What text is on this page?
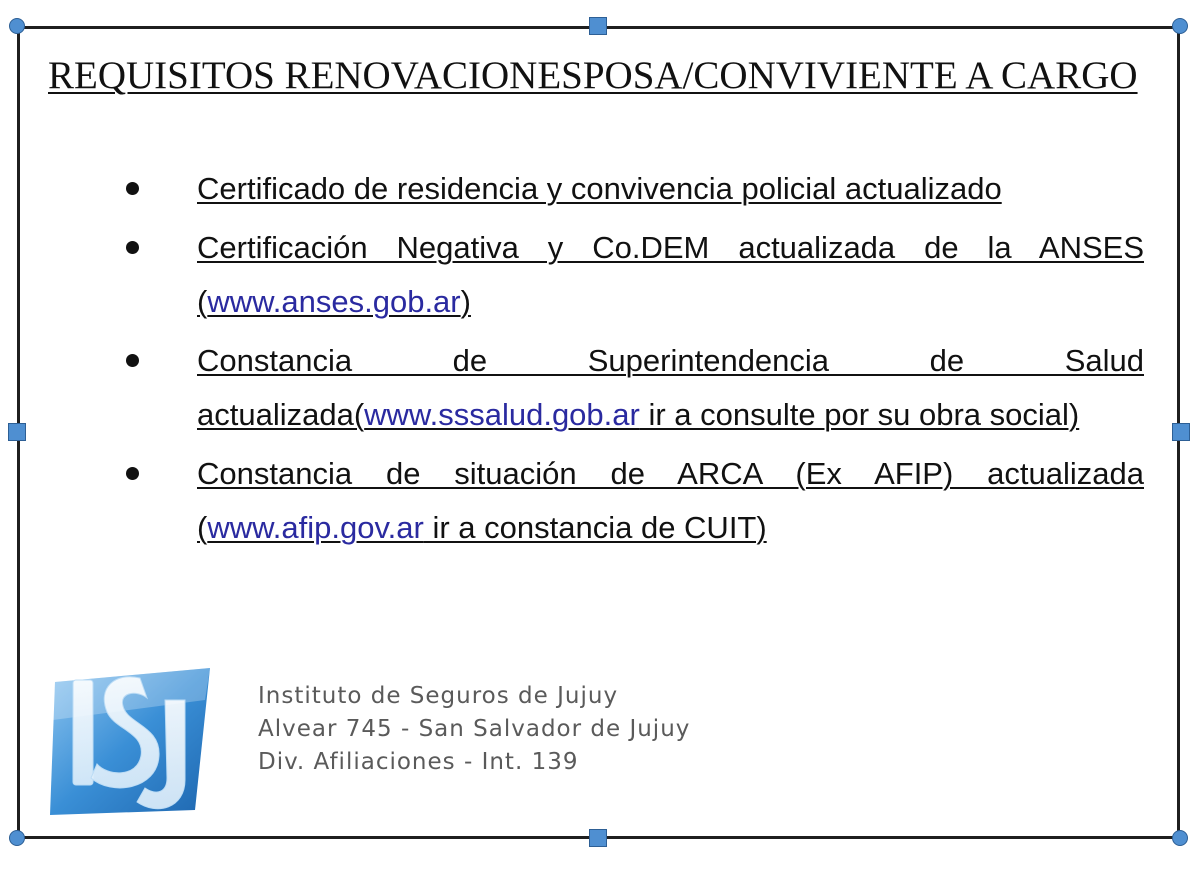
REQUISITOS RENOVACIONESPOSA/CONVIVIENTE A CARGO
Certificado de residencia y convivencia policial actualizado
Certificación Negativa y Co.DEM actualizada de la ANSES (www.anses.gob.ar)
Constancia de Superintendencia de Salud actualizada(www.sssalud.gob.ar ir a consulte por su obra social)
Constancia de situación de ARCA (Ex AFIP) actualizada (www.afip.gov.ar ir a constancia de CUIT)
Instituto de Seguros de Jujuy
Alvear 745 - San Salvador de Jujuy
Div. Afiliaciones - Int. 139
